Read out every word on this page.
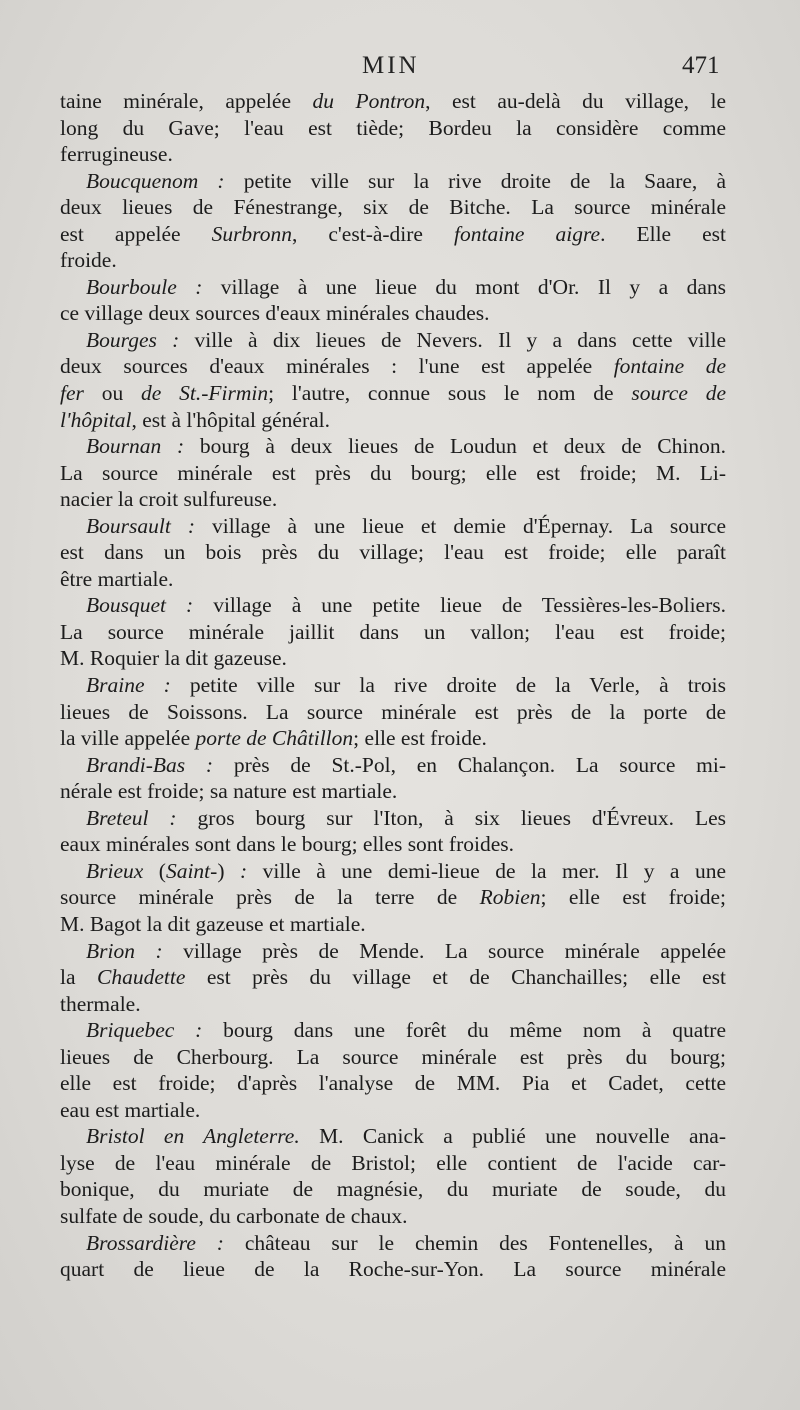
MIN	471
taine minérale, appelée du Pontron, est au-delà du village, le
long du Gave; l'eau est tiède; Bordeu la considère comme
ferrugineuse.
Boucquenom : petite ville sur la rive droite de la Saare, à
deux lieues de Fénestrange, six de Bitche. La source minérale
est appelée Surbronn, c'est-à-dire fontaine aigre. Elle est
froide.
Bourboule : village à une lieue du mont d'Or. Il y a dans
ce village deux sources d'eaux minérales chaudes.
Bourges : ville à dix lieues de Nevers. Il y a dans cette ville
deux sources d'eaux minérales : l'une est appelée fontaine de
fer ou de St.-Firmin; l'autre, connue sous le nom de source de
l'hôpital, est à l'hôpital général.
Bournan : bourg à deux lieues de Loudun et deux de Chinon.
La source minérale est près du bourg; elle est froide; M. Li-
nacier la croit sulfureuse.
Boursault : village à une lieue et demie d'Épernay. La source
est dans un bois près du village; l'eau est froide; elle paraît
être martiale.
Bousquet : village à une petite lieue de Tessières-les-Boliers.
La source minérale jaillit dans un vallon; l'eau est froide;
M. Roquier la dit gazeuse.
Braine : petite ville sur la rive droite de la Verle, à trois
lieues de Soissons. La source minérale est près de la porte de
la ville appelée porte de Châtillon; elle est froide.
Brandi-Bas : près de St.-Pol, en Chalançon. La source mi-
nérale est froide; sa nature est martiale.
Breteul : gros bourg sur l'Iton, à six lieues d'Évreux. Les
eaux minérales sont dans le bourg; elles sont froides.
Brieux (Saint-) : ville à une demi-lieue de la mer. Il y a une
source minérale près de la terre de Robien; elle est froide;
M. Bagot la dit gazeuse et martiale.
Brion : village près de Mende. La source minérale appelée
la Chaudette est près du village et de Chanchailles; elle est
thermale.
Briquebec : bourg dans une forêt du même nom à quatre
lieues de Cherbourg. La source minérale est près du bourg;
elle est froide; d'après l'analyse de MM. Pia et Cadet, cette
eau est martiale.
Bristol en Angleterre. M. Canick a publié une nouvelle ana-
lyse de l'eau minérale de Bristol; elle contient de l'acide car-
bonique, du muriate de magnésie, du muriate de soude, du
sulfate de soude, du carbonate de chaux.
Brossardière : château sur le chemin des Fontenelles, à un
quart de lieue de la Roche-sur-Yon. La source minérale
